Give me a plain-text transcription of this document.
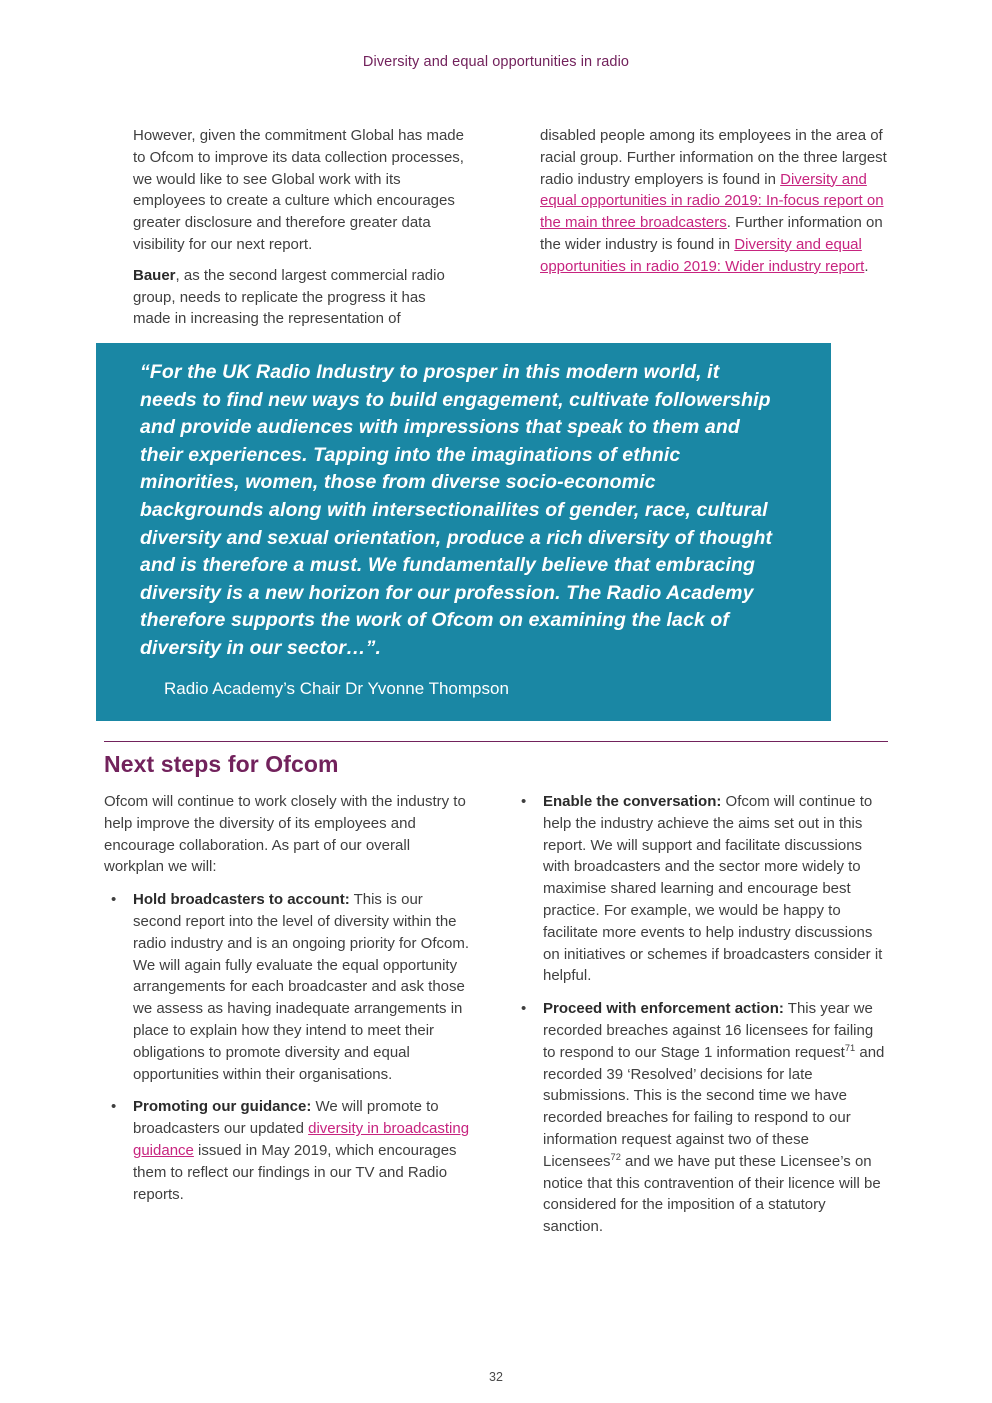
Diversity and equal opportunities in radio

However, given the commitment Global has made to Ofcom to improve its data collection processes, we would like to see Global work with its employees to create a culture which encourages greater disclosure and therefore greater data visibility for our next report.

Bauer, as the second largest commercial radio group, needs to replicate the progress it has made in increasing the representation of

disabled people among its employees in the area of racial group. Further information on the three largest radio industry employers is found in Diversity and equal opportunities in radio 2019: In-focus report on the main three broadcasters. Further information on the wider industry is found in Diversity and equal opportunities in radio 2019: Wider industry report.

“For the UK Radio Industry to prosper in this modern world, it needs to find new ways to build engagement, cultivate followership and provide audiences with impressions that speak to them and their experiences. Tapping into the imaginations of ethnic minorities, women, those from diverse socio-economic backgrounds along with intersectionailites of gender, race, cultural diversity and sexual orientation, produce a rich diversity of thought and is therefore a must. We fundamentally believe that embracing diversity is a new horizon for our profession. The Radio Academy therefore supports the work of Ofcom on examining the lack of diversity in our sector…”.
Radio Academy’s Chair Dr Yvonne Thompson
Next steps for Ofcom

Ofcom will continue to work closely with the industry to help improve the diversity of its employees and encourage collaboration. As part of our overall workplan we will:

•	Hold broadcasters to account: This is our second report into the level of diversity within the radio industry and is an ongoing priority for Ofcom. We will again fully evaluate the equal opportunity arrangements for each broadcaster and ask those we assess as having inadequate arrangements in place to explain how they intend to meet their obligations to promote diversity and equal opportunities within their organisations.
•	Promoting our guidance: We will promote to broadcasters our updated diversity in broadcasting guidance issued in May 2019, which encourages them to reflect our findings in our TV and Radio reports.
•	Enable the conversation: Ofcom will continue to help the industry achieve the aims set out in this report. We will support and facilitate discussions with broadcasters and the sector more widely to maximise shared learning and encourage best practice. For example, we would be happy to facilitate more events to help industry discussions on initiatives or schemes if broadcasters consider it helpful.
•	Proceed with enforcement action: This year we recorded breaches against 16 licensees for failing to respond to our Stage 1 information request$^{71}$ and recorded 39 ‘Resolved’ decisions for late submissions. This is the second time we have recorded breaches for failing to respond to our information request against two of these Licensees$^{72}$ and we have put these Licensee’s on notice that this contravention of their licence will be considered for the imposition of a statutory sanction.
32
